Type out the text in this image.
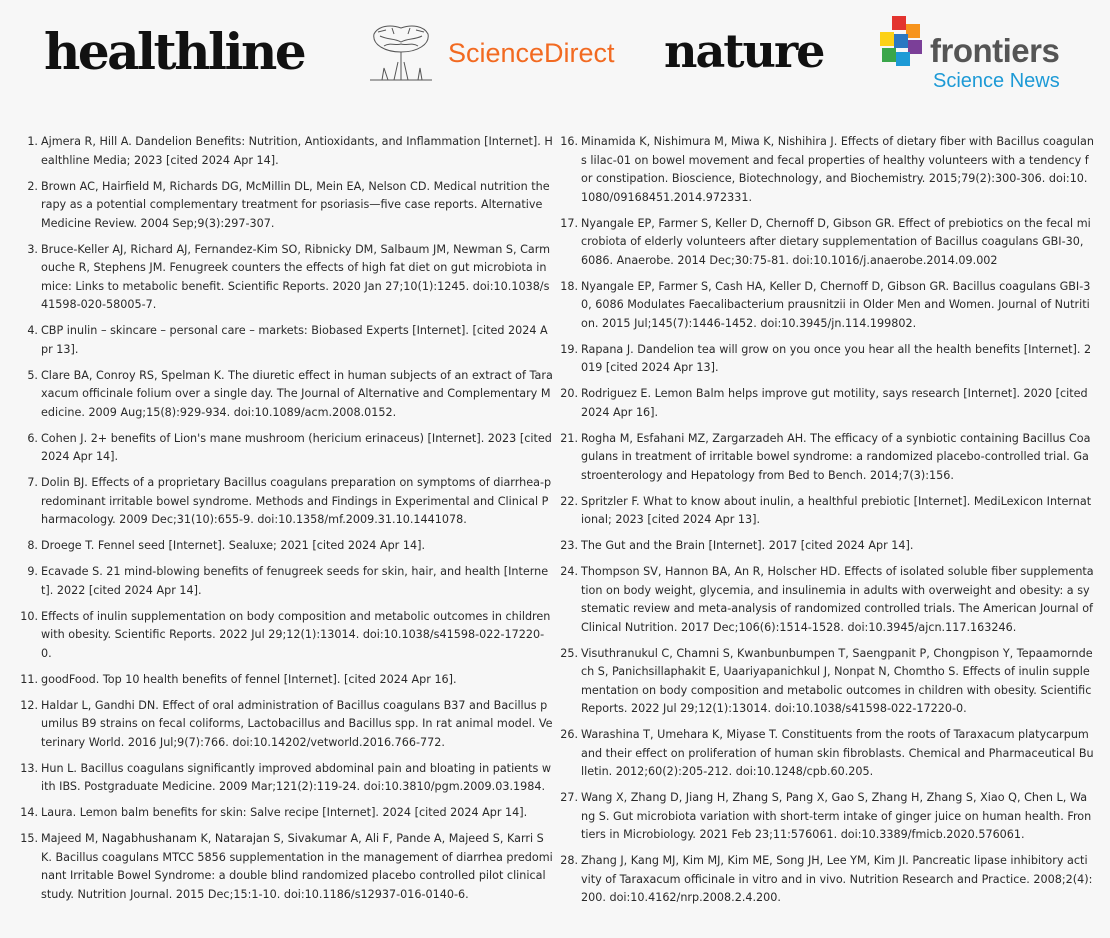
healthline	ScienceDirect nature	frontiers
Science News
1. Ajmera R, Hill A. Dandelion Benefits: Nutrition, Antioxidants, and Inflammation [Internet]. Healthline Media; 2023 [cited 2024 Apr 14].
2. Brown AC, Hairfield M, Richards DG, McMillin DL, Mein EA, Nelson CD. Medical nutrition therapy as a potential complementary treatment for psoriasis—five case reports. Alternative Medicine Review. 2004 Sep;9(3):297-307.
3. Bruce-Keller AJ, Richard AJ, Fernandez-Kim SO, Ribnicky DM, Salbaum JM, Newman S, Carmouche R, Stephens JM. Fenugreek counters the effects of high fat diet on gut microbiota in mice: Links to metabolic benefit. Scientific Reports. 2020 Jan 27;10(1):1245. doi:10.1038/s41598-020-58005-7.
4. CBP inulin – skincare – personal care – markets: Biobased Experts [Internet]. [cited 2024 Apr 13].
5. Clare BA, Conroy RS, Spelman K. The diuretic effect in human subjects of an extract of Taraxacum officinale folium over a single day. The Journal of Alternative and Complementary Medicine. 2009 Aug;15(8):929-934. doi:10.1089/acm.2008.0152.
6. Cohen J. 2+ benefits of Lion's mane mushroom (hericium erinaceus) [Internet]. 2023 [cited 2024 Apr 14].
7. Dolin BJ. Effects of a proprietary Bacillus coagulans preparation on symptoms of diarrhea-predominant irritable bowel syndrome. Methods and Findings in Experimental and Clinical Pharmacology. 2009 Dec;31(10):655-9. doi:10.1358/mf.2009.31.10.1441078.
8. Droege T. Fennel seed [Internet]. Sealuxe; 2021 [cited 2024 Apr 14].
9. Ecavade S. 21 mind-blowing benefits of fenugreek seeds for skin, hair, and health [Internet]. 2022 [cited 2024 Apr 14].
10. Effects of inulin supplementation on body composition and metabolic outcomes in children with obesity. Scientific Reports. 2022 Jul 29;12(1):13014. doi:10.1038/s41598-022-17220-0.
11. goodFood. Top 10 health benefits of fennel [Internet]. [cited 2024 Apr 16].
12. Haldar L, Gandhi DN. Effect of oral administration of Bacillus coagulans B37 and Bacillus pumilus B9 strains on fecal coliforms, Lactobacillus and Bacillus spp. In rat animal model. Veterinary World. 2016 Jul;9(7):766. doi:10.14202/vetworld.2016.766-772.
13. Hun L. Bacillus coagulans significantly improved abdominal pain and bloating in patients with IBS. Postgraduate Medicine. 2009 Mar;121(2):119-24. doi:10.3810/pgm.2009.03.1984.
14. Laura. Lemon balm benefits for skin: Salve recipe [Internet]. 2024 [cited 2024 Apr 14].
15. Majeed M, Nagabhushanam K, Natarajan S, Sivakumar A, Ali F, Pande A, Majeed S, Karri SK. Bacillus coagulans MTCC 5856 supplementation in the management of diarrhea predominant Irritable Bowel Syndrome: a double blind randomized placebo controlled pilot clinical study. Nutrition Journal. 2015 Dec;15:1-10. doi:10.1186/s12937-016-0140-6.
16. Minamida K, Nishimura M, Miwa K, Nishihira J. Effects of dietary fiber with Bacillus coagulans lilac-01 on bowel movement and fecal properties of healthy volunteers with a tendency for constipation. Bioscience, Biotechnology, and Biochemistry. 2015;79(2):300-306. doi:10.1080/09168451.2014.972331.
17. Nyangale EP, Farmer S, Keller D, Chernoff D, Gibson GR. Effect of prebiotics on the fecal microbiota of elderly volunteers after dietary supplementation of Bacillus coagulans GBI-30, 6086. Anaerobe. 2014 Dec;30:75-81. doi:10.1016/j.anaerobe.2014.09.002
18. Nyangale EP, Farmer S, Cash HA, Keller D, Chernoff D, Gibson GR. Bacillus coagulans GBI-30, 6086 Modulates Faecalibacterium prausnitzii in Older Men and Women. Journal of Nutrition. 2015 Jul;145(7):1446-1452. doi:10.3945/jn.114.199802.
19. Rapana J. Dandelion tea will grow on you once you hear all the health benefits [Internet]. 2019 [cited 2024 Apr 13].
20. Rodriguez E. Lemon Balm helps improve gut motility, says research [Internet]. 2020 [cited 2024 Apr 16].
21. Rogha M, Esfahani MZ, Zargarzadeh AH. The efficacy of a synbiotic containing Bacillus Coagulans in treatment of irritable bowel syndrome: a randomized placebo-controlled trial. Gastroenterology and Hepatology from Bed to Bench. 2014;7(3):156.
22. Spritzler F. What to know about inulin, a healthful prebiotic [Internet]. MediLexicon International; 2023 [cited 2024 Apr 13].
23. The Gut and the Brain [Internet]. 2017 [cited 2024 Apr 14].
24. Thompson SV, Hannon BA, An R, Holscher HD. Effects of isolated soluble fiber supplementation on body weight, glycemia, and insulinemia in adults with overweight and obesity: a systematic review and meta-analysis of randomized controlled trials. The American Journal of Clinical Nutrition. 2017 Dec;106(6):1514-1528. doi:10.3945/ajcn.117.163246.
25. Visuthranukul C, Chamni S, Kwanbunbumpen T, Saengpanit P, Chongpison Y, Tepaamorndech S, Panichsillaphakit E, Uaariyapanichkul J, Nonpat N, Chomtho S. Effects of inulin supplementation on body composition and metabolic outcomes in children with obesity. Scientific Reports. 2022 Jul 29;12(1):13014. doi:10.1038/s41598-022-17220-0.
26. Warashina T, Umehara K, Miyase T. Constituents from the roots of Taraxacum platycarpum and their effect on proliferation of human skin fibroblasts. Chemical and Pharmaceutical Bulletin. 2012;60(2):205-212. doi:10.1248/cpb.60.205.
27. Wang X, Zhang D, Jiang H, Zhang S, Pang X, Gao S, Zhang H, Zhang S, Xiao Q, Chen L, Wang S. Gut microbiota variation with short-term intake of ginger juice on human health. Frontiers in Microbiology. 2021 Feb 23;11:576061. doi:10.3389/fmicb.2020.576061.
28. Zhang J, Kang MJ, Kim MJ, Kim ME, Song JH, Lee YM, Kim JI. Pancreatic lipase inhibitory activity of Taraxacum officinale in vitro and in vivo. Nutrition Research and Practice. 2008;2(4):200. doi:10.4162/nrp.2008.2.4.200.
